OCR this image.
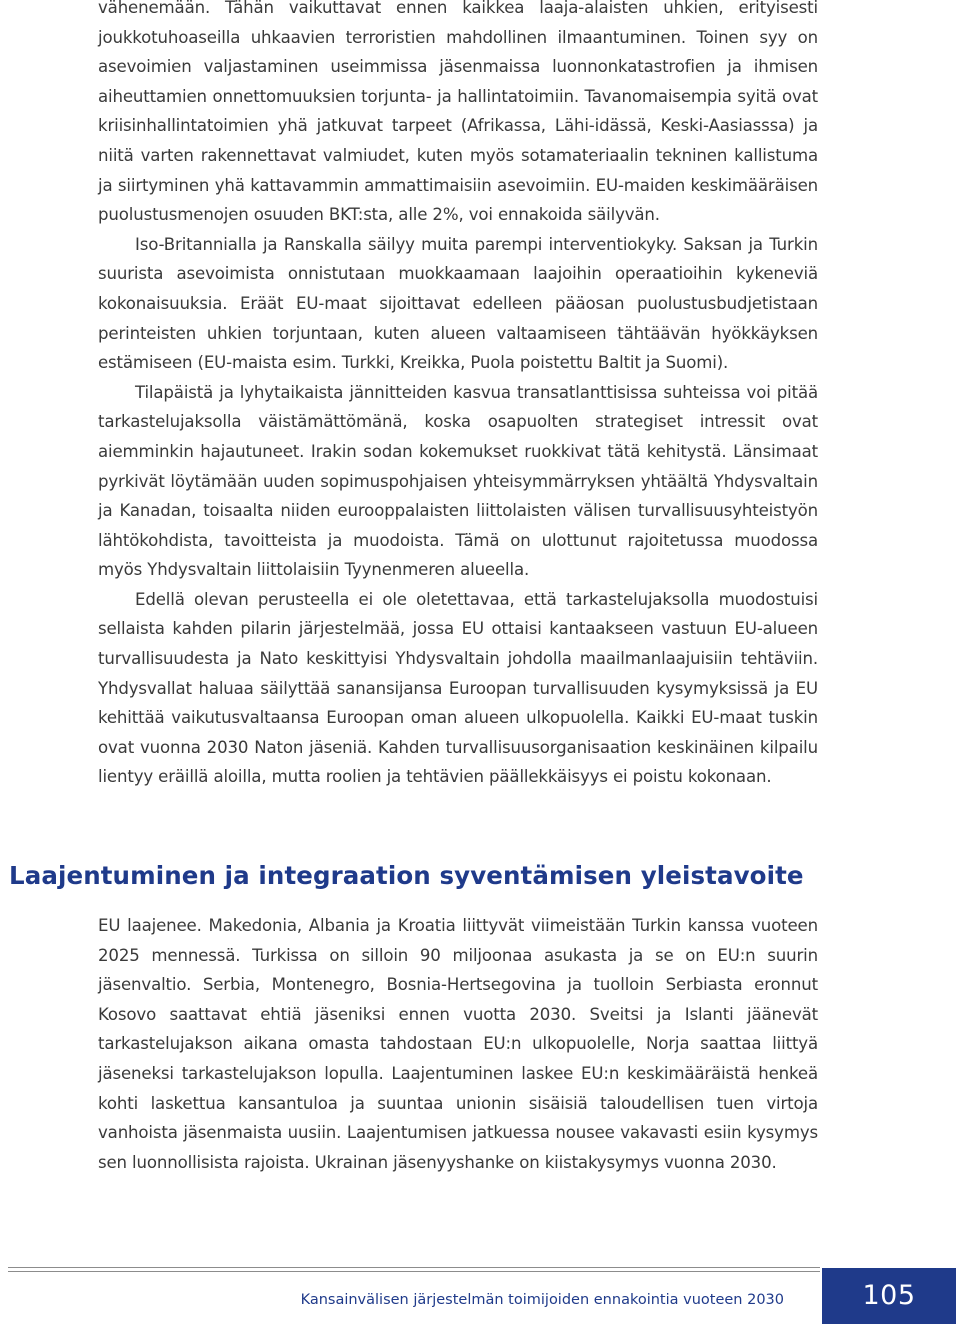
vähenemään. Tähän vaikuttavat ennen kaikkea laaja-alaisten uhkien, erityisesti joukkotuhoaseilla uhkaavien terroristien mahdollinen ilmaantuminen. Toinen syy on asevoimien valjastaminen useimmissa jäsenmaissa luonnonkatastrofien ja ihmisen aiheuttamien onnettomuuksien torjunta- ja hallintatoimiin. Tavanomaisempia syitä ovat kriisinhallintatoimien yhä jatkuvat tarpeet (Afrikassa, Lähi-idässä, Keski-Aasiasssa) ja niitä varten rakennettavat valmiudet, kuten myös sotamateriaalin tekninen kallistuma ja siirtyminen yhä kattavammin ammattimaisiin asevoimiin. EU-maiden keskimääräisen puolustusmenojen osuuden BKT:sta, alle 2%, voi ennakoida säilyvän.

Iso-Britannialla ja Ranskalla säilyy muita parempi interventiokyky. Saksan ja Turkin suurista asevoimista onnistutaan muokkaamaan laajoihin operaatioihin kykeneviä kokonaisuuksia. Eräät EU-maat sijoittavat edelleen pääosan puolustusbudjetistaan perinteisten uhkien torjuntaan, kuten alueen valtaamiseen tähtäävän hyökkäyksen estämiseen (EU-maista esim. Turkki, Kreikka, Puola poistettu Baltit ja Suomi).

Tilapäistä ja lyhytaikaista jännitteiden kasvua transatlanttisissa suhteissa voi pitää tarkastelujaksolla väistämättömänä, koska osapuolten strategiset intressit ovat aiemminkin hajautuneet. Irakin sodan kokemukset ruokkivat tätä kehitystä. Länsimaat pyrkivät löytämään uuden sopimuspohjaisen yhteisymmärryksen yhtäältä Yhdysvaltain ja Kanadan, toisaalta niiden eurooppalaisten liittolaisten välisen turvallisuusyhteistyön lähtökohdista, tavoitteista ja muodoista. Tämä on ulottunut rajoitetussa muodossa myös Yhdysvaltain liittolaisiin Tyynenmeren alueella.

Edellä olevan perusteella ei ole oletettavaa, että tarkastelujaksolla muodostuisi sellaista kahden pilarin järjestelmää, jossa EU ottaisi kantaakseen vastuun EU-alueen turvallisuudesta ja Nato keskittyisi Yhdysvaltain johdolla maailmanlaajuisiin tehtäviin. Yhdysvallat haluaa säilyttää sanansijansa Euroopan turvallisuuden kysymyksissä ja EU kehittää vaikutusvaltaansa Euroopan oman alueen ulkopuolella. Kaikki EU-maat tuskin ovat vuonna 2030 Naton jäseniä. Kahden turvallisuusorganisaation keskinäinen kilpailu lientyy eräillä aloilla, mutta roolien ja tehtävien päällekkäisyys ei poistu kokonaan.

Laajentuminen ja integraation syventämisen yleistavoite

EU laajenee. Makedonia, Albania ja Kroatia liittyvät viimeistään Turkin kanssa vuoteen 2025 mennessä. Turkissa on silloin 90 miljoonaa asukasta ja se on EU:n suurin jäsenvaltio. Serbia, Montenegro, Bosnia-Hertsegovina ja tuolloin Serbiasta eronnut Kosovo saattavat ehtiä jäseniksi ennen vuotta 2030. Sveitsi ja Islanti jäänevät tarkastelujakson aikana omasta tahdostaan EU:n ulkopuolelle, Norja saattaa liittyä jäseneksi tarkastelujakson lopulla. Laajentuminen laskee EU:n keskimääräistä henkeä kohti laskettua kansantuloa ja suuntaa unionin sisäisiä taloudellisen tuen virtoja vanhoista jäsenmaista uusiin. Laajentumisen jatkuessa nousee vakavasti esiin kysymys sen luonnollisista rajoista. Ukrainan jäsenyyshanke on kiistakysymys vuonna 2030.

Kansainvälisen järjestelmän toimijoiden ennakointia vuoteen 2030	105
